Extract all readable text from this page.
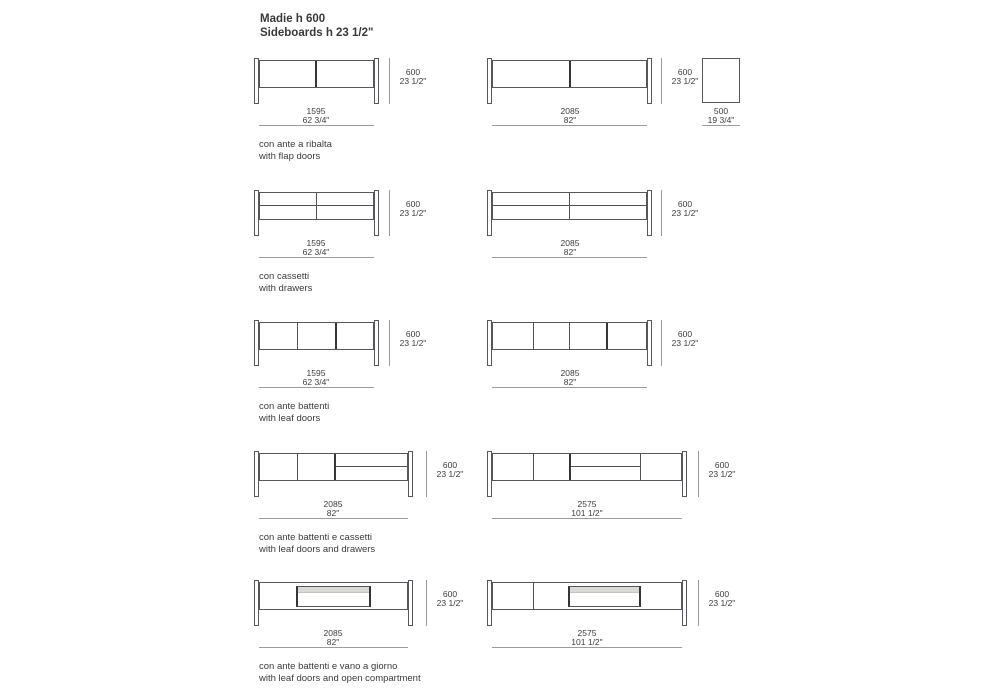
Madie h 600
Sideboards h 23 1/2"
600
23 1/2"
1595
62 3/4"
600
23 1/2"
2085
82"
500
19 3/4"
con ante a ribalta
with flap doors
600
23 1/2"
1595
62 3/4"
600
23 1/2"
2085
82"
con cassetti
with drawers
600
23 1/2"
1595
62 3/4"
600
23 1/2"
2085
82"
con ante battenti
with leaf doors
600
23 1/2"
2085
82"
600
23 1/2"
2575
101 1/2"
con ante battenti e cassetti
with leaf doors and drawers
600
23 1/2"
2085
82"
600
23 1/2"
2575
101 1/2"
con ante battenti e vano a giorno
with leaf doors and open compartment
